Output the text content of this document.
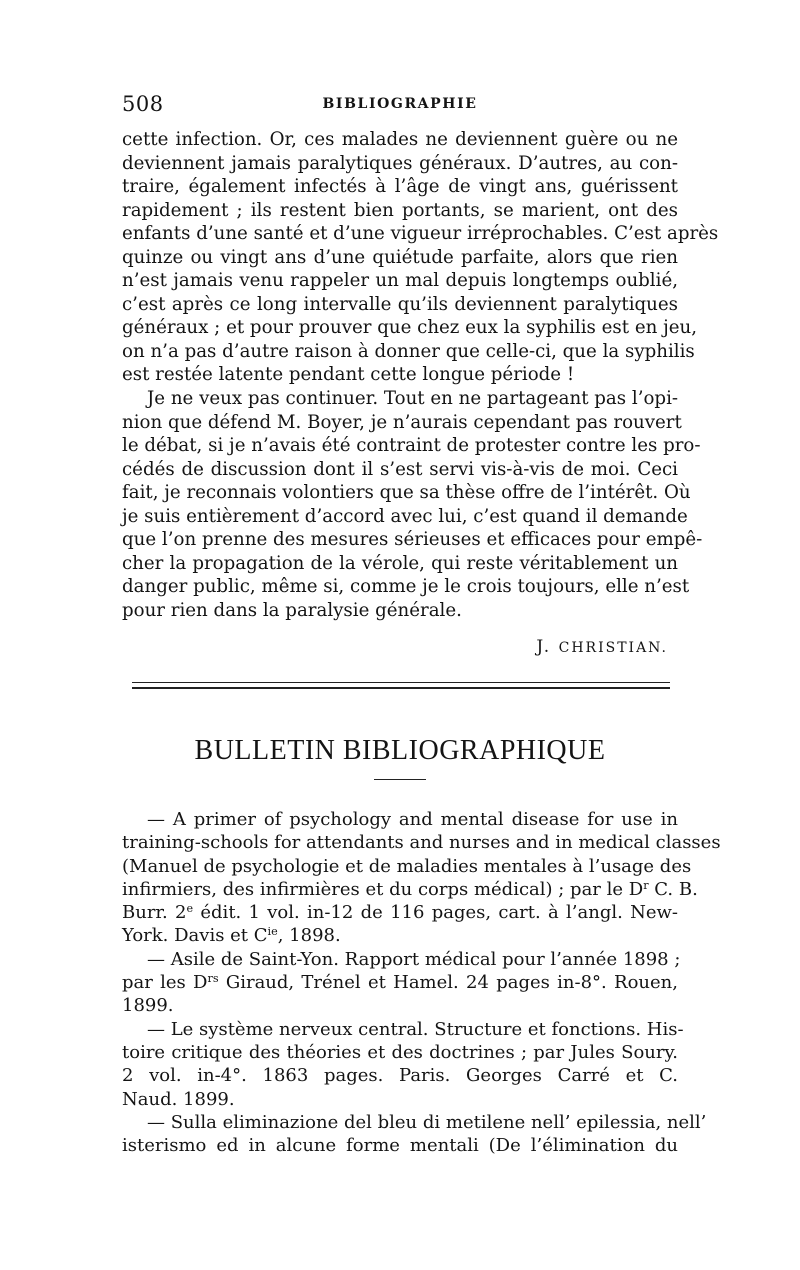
508	BIBLIOGRAPHIE
cette infection. Or, ces malades ne deviennent guère ou ne
deviennent jamais paralytiques généraux. D’autres, au con-
traire, également infectés à l’âge de vingt ans, guérissent
rapidement ; ils restent bien portants, se marient, ont des
enfants d’une santé et d’une vigueur irréprochables. C’est après
quinze ou vingt ans d’une quiétude parfaite, alors que rien
n’est jamais venu rappeler un mal depuis longtemps oublié,
c’est après ce long intervalle qu’ils deviennent paralytiques
généraux ; et pour prouver que chez eux la syphilis est en jeu,
on n’a pas d’autre raison à donner que celle-ci, que la syphilis
est restée latente pendant cette longue période !
Je ne veux pas continuer. Tout en ne partageant pas l’opi-
nion que défend M. Boyer, je n’aurais cependant pas rouvert
le débat, si je n’avais été contraint de protester contre les pro-
cédés de discussion dont il s’est servi vis-à-vis de moi. Ceci
fait, je reconnais volontiers que sa thèse offre de l’intérêt. Où
je suis entièrement d’accord avec lui, c’est quand il demande
que l’on prenne des mesures sérieuses et efficaces pour empê-
cher la propagation de la vérole, qui reste véritablement un
danger public, même si, comme je le crois toujours, elle n’est
pour rien dans la paralysie générale.
J. CHRISTIAN.
BULLETIN BIBLIOGRAPHIQUE
— A primer of psychology and mental disease for use in
training-schools for attendants and nurses and in medical classes
(Manuel de psychologie et de maladies mentales à l’usage des
infirmiers, des infirmières et du corps médical) ; par le $D^r$ C. B.
Burr. 2e édit. 1 vol. in-12 de 116 pages, cart. à l’angl. New-
York. Davis et $C^{ie}$, 1898.
— Asile de Saint-Yon. Rapport médical pour l’année 1898 ;
par les $D^{rs}$ Giraud, Trénel et Hamel. 24 pages in-8°. Rouen,
1899.
— Le système nerveux central. Structure et fonctions. His-
toire critique des théories et des doctrines ; par Jules Soury.
2 vol. in-4°. 1863 pages. Paris. Georges Carré et C.
Naud. 1899.
— Sulla eliminazione del bleu di metilene nell’ epilessia, nell’
isterismo ed in alcune forme mentali (De l’élimination du
